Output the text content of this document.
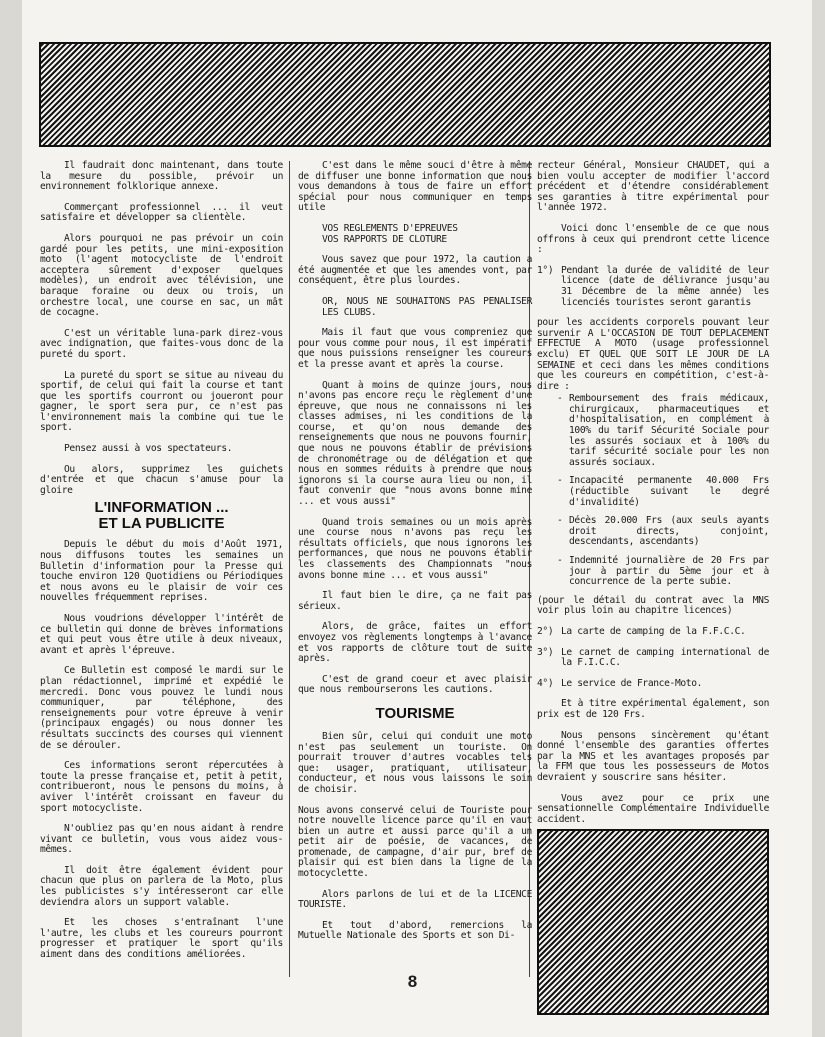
Il faudrait donc maintenant, dans toute la mesure du possible, prévoir un environnement folklorique annexe.

Commerçant professionnel ... il veut satisfaire et développer sa clientèle.

Alors pourquoi ne pas prévoir un coin gardé pour les petits, une mini-exposition moto (l'agent motocycliste de l'endroit acceptera sûrement d'exposer quelques modèles), un endroit avec télévision, une baraque foraine ou deux ou trois, un orchestre local, une course en sac, un mât de cocagne.

C'est un véritable luna-park direz-vous avec indignation, que faites-vous donc de la pureté du sport.

La pureté du sport se situe au niveau du sportif, de celui qui fait la course et tant que les sportifs courront ou joueront pour gagner, le sport sera pur, ce n'est pas l'environnement mais la combine qui tue le sport.

Pensez aussi à vos spectateurs.

Ou alors, supprimez les guichets d'entrée et que chacun s'amuse pour la gloire

L'INFORMATION ...
ET LA PUBLICITE

Depuis le début du mois d'Août 1971, nous diffusons toutes les semaines un Bulletin d'information pour la Presse qui touche environ 120 Quotidiens ou Périodiques et nous avons eu le plaisir de voir ces nouvelles fréquemment reprises.

Nous voudrions développer l'intérêt de ce bulletin qui donne de brèves informations et qui peut vous être utile à deux niveaux, avant et après l'épreuve.

Ce Bulletin est composé le mardi sur le plan rédactionnel, imprimé et expédié le mercredi. Donc vous pouvez le lundi nous communiquer, par téléphone, des renseignements pour votre épreuve à venir (principaux engagés) ou nous donner les résultats succincts des courses qui viennent de se dérouler.

Ces informations seront répercutées à toute la presse française et, petit à petit, contribueront, nous le pensons du moins, à aviver l'intérêt croissant en faveur du sport motocycliste.

N'oubliez pas qu'en nous aidant à rendre vivant ce bulletin, vous vous aidez vous-mêmes.

Il doit être également évident pour chacun que plus on parlera de la Moto, plus les publicistes s'y intéresseront car elle deviendra alors un support valable.

Et les choses s'entraînant l'une l'autre, les clubs et les coureurs pourront progresser et pratiquer le sport qu'ils aiment dans des conditions améliorées.

C'est dans le même souci d'être à même de diffuser une bonne information que nous vous demandons à tous de faire un effort spécial pour nous communiquer en temps utile

VOS REGLEMENTS D'EPREUVES
VOS RAPPORTS DE CLOTURE

Vous savez que pour 1972, la caution a été augmentée et que les amendes vont, par conséquent, être plus lourdes.

OR, NOUS NE SOUHAITONS PAS PENALISER LES CLUBS.

Mais il faut que vous compreniez que pour vous comme pour nous, il est impératif que nous puissions renseigner les coureurs et la presse avant et après la course.

Quant à moins de quinze jours, nous n'avons pas encore reçu le règlement d'une épreuve, que nous ne connaissons ni les classes admises, ni les conditions de la course, et qu'on nous demande des renseignements que nous ne pouvons fournir, que nous ne pouvons établir de prévisions de chronométrage ou de délégation et que nous en sommes réduits à prendre que nous ignorons si la course aura lieu ou non, il faut convenir que "nous avons bonne mine ... et vous aussi"

Quand trois semaines ou un mois après une course nous n'avons pas reçu les résultats officiels, que nous ignorons les performances, que nous ne pouvons établir les classements des Championnats "nous avons bonne mine ... et vous aussi"

Il faut bien le dire, ça ne fait pas sérieux.

Alors, de grâce, faites un effort envoyez vos règlements longtemps à l'avance et vos rapports de clôture tout de suite après.

C'est de grand coeur et avec plaisir que nous rembourserons les cautions.

TOURISME

Bien sûr, celui qui conduit une moto n'est pas seulement un touriste. On pourrait trouver d'autres vocables tels que: usager, pratiquant, utilisateur, conducteur, et nous vous laissons le soin de choisir.

Nous avons conservé celui de Touriste pour notre nouvelle licence parce qu'il en vaut bien un autre et aussi parce qu'il a un petit air de poésie, de vacances, de promenade, de campagne, d'air pur, bref de plaisir qui est bien dans la ligne de la motocyclette.

Alors parlons de lui et de la LICENCE TOURISTE.

Et tout d'abord, remercions la Mutuelle Nationale des Sports et son Di-

recteur Général, Monsieur CHAUDET, qui a bien voulu accepter de modifier l'accord précédent et d'étendre considérablement ses garanties à titre expérimental pour l'année 1972.

Voici donc l'ensemble de ce que nous offrons à ceux qui prendront cette licence :

1°) Pendant la durée de validité de leur licence (date de délivrance jusqu'au 31 Décembre de la même année) les licenciés touristes seront garantis

pour les accidents corporels pouvant leur survenir A L'OCCASION DE TOUT DEPLACEMENT EFFECTUE A MOTO (usage professionnel exclu) ET QUEL QUE SOIT LE JOUR DE LA SEMAINE et ceci dans les mêmes conditions que les coureurs en compétition, c'est-à-dire :

- Remboursement des frais médicaux, chirurgicaux, pharmaceutiques et d'hospitalisation, en complément à 100% du tarif Sécurité Sociale pour les assurés sociaux et à 100% du tarif sécurité sociale pour les non assurés sociaux.
- Incapacité permanente 40.000 Frs (réductible suivant le degré d'invalidité)
- Décès 20.000 Frs (aux seuls ayants droit directs, conjoint, descendants, ascendants)
- Indemnité journalière de 20 Frs par jour à partir du 5ème jour et à concurrence de la perte subie.

(pour le détail du contrat avec la MNS voir plus loin au chapitre licences)

2°) La carte de camping de la F.F.C.C.
3°) Le carnet de camping international de la F.I.C.C.
4°) Le service de France-Moto.

Et à titre expérimental également, son prix est de 120 Frs.

Nous pensons sincèrement qu'étant donné l'ensemble des garanties offertes par la MNS et les avantages proposés par la FFM que tous les possesseurs de Motos devraient y souscrire sans hésiter.

Vous avez pour ce prix une sensationnelle Complémentaire Individuelle accident.

8
